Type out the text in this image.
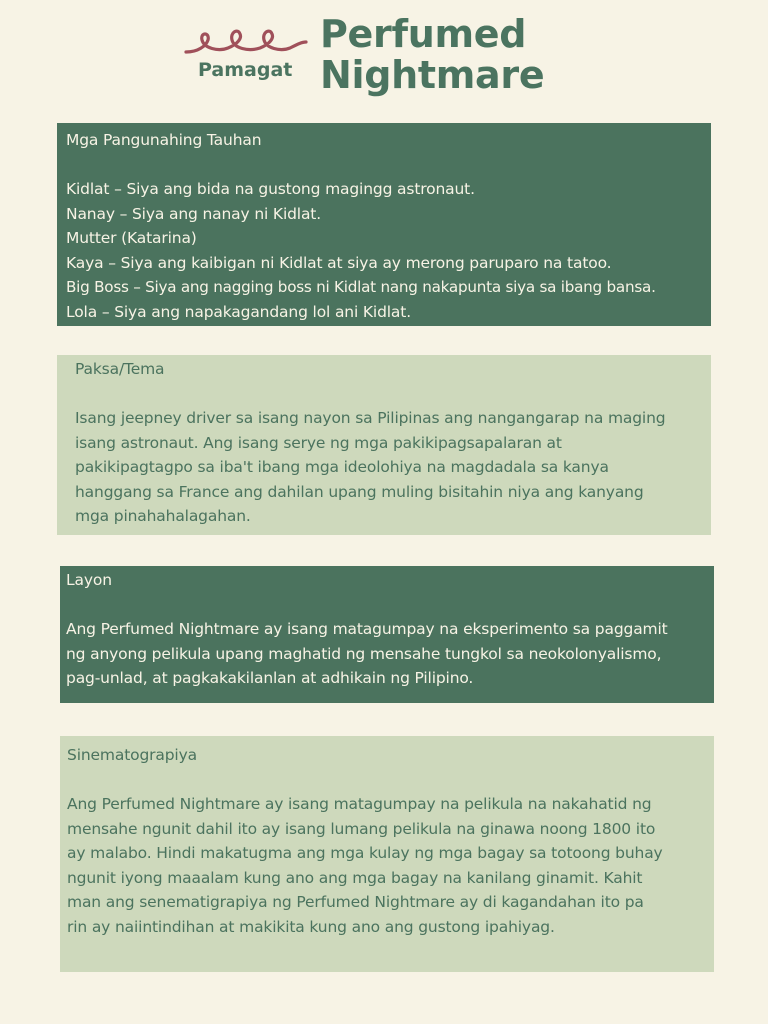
Pamagat
Perfumed
Nightmare
Mga Pangunahing Tauhan
Kidlat – Siya ang bida na gustong magingg astronaut.
Nanay – Siya ang nanay ni Kidlat.
Mutter (Katarina)
Kaya – Siya ang kaibigan ni Kidlat at siya ay merong paruparo na tatoo.
Big Boss – Siya ang nagging boss ni Kidlat nang nakapunta siya sa ibang bansa.
Lola – Siya ang napakagandang lol ani Kidlat.
Paksa/Tema
Isang jeepney driver sa isang nayon sa Pilipinas ang nangangarap na maging
isang astronaut. Ang isang serye ng mga pakikipagsapalaran at
pakikipagtagpo sa iba't ibang mga ideolohiya na magdadala sa kanya
hanggang sa France ang dahilan upang muling bisitahin niya ang kanyang
mga pinahahalagahan.
Layon
Ang Perfumed Nightmare ay isang matagumpay na eksperimento sa paggamit
ng anyong pelikula upang maghatid ng mensahe tungkol sa neokolonyalismo,
pag-unlad, at pagkakakilanlan at adhikain ng Pilipino.
Sinematograpiya
Ang Perfumed Nightmare ay isang matagumpay na pelikula na nakahatid ng
mensahe ngunit dahil ito ay isang lumang pelikula na ginawa noong 1800 ito
ay malabo. Hindi makatugma ang mga kulay ng mga bagay sa totoong buhay
ngunit iyong maaalam kung ano ang mga bagay na kanilang ginamit. Kahit
man ang senematigrapiya ng Perfumed Nightmare ay di kagandahan ito pa
rin ay naiintindihan at makikita kung ano ang gustong ipahiyag.
